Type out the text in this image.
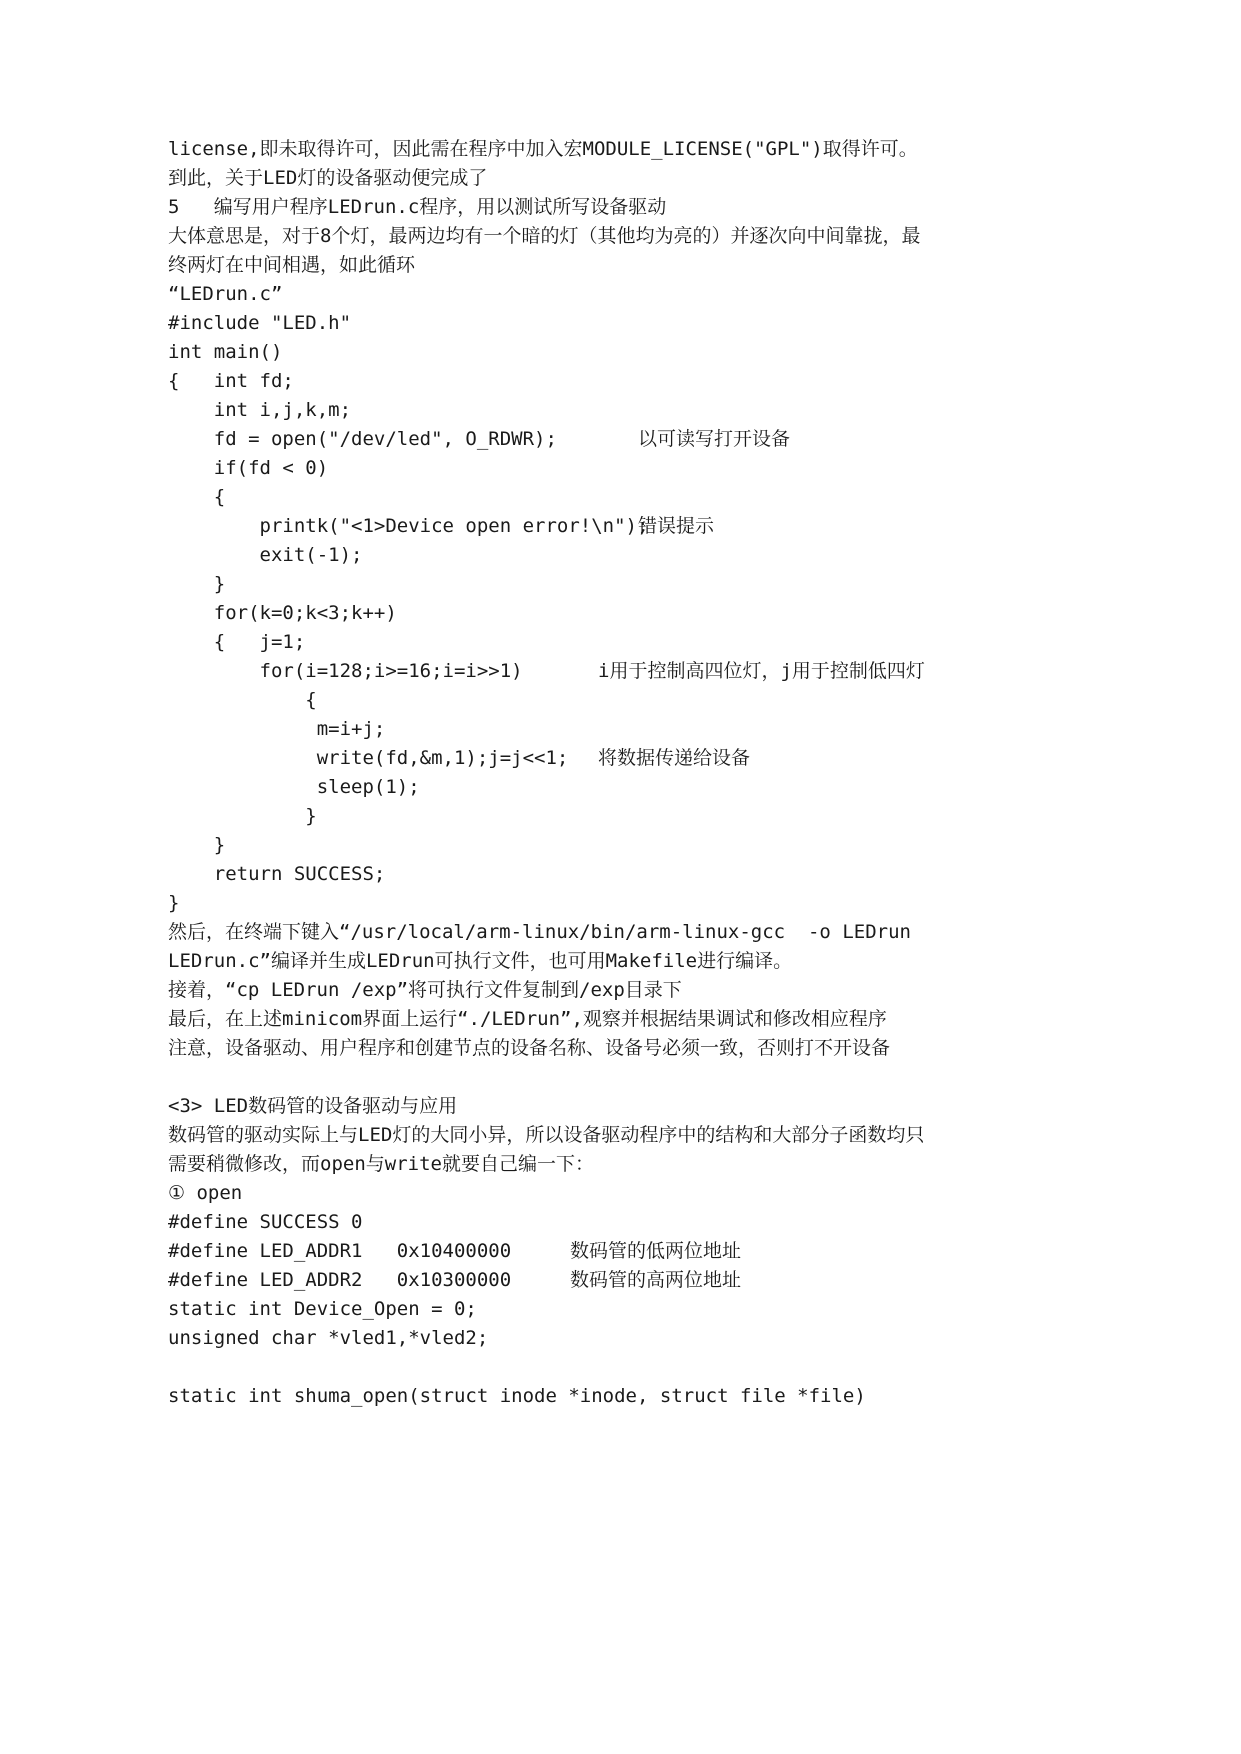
license,即未取得许可，因此需在程序中加入宏MODULE_LICENSE("GPL")取得许可。
到此，关于LED灯的设备驱动便完成了
5   编写用户程序LEDrun.c程序，用以测试所写设备驱动
大体意思是，对于8个灯，最两边均有一个暗的灯（其他均为亮的）并逐次向中间靠拢，最
终两灯在中间相遇，如此循环
“LEDrun.c”
#include "LED.h"
int main()
{   int fd;
int i,j,k,m;
fd = open("/dev/led", O_RDWR);	以可读写打开设备
if(fd < 0)
{
printk("<1>Device open error!\n");
错误提示
exit(-1);
}
for(k=0;k<3;k++)
{   j=1;
for(i=128;i>=16;i=i>>1)	i用于控制高四位灯，j用于控制低四灯
{
m=i+j;
write(fd,&m,1);j=j<<1; 将数据传递给设备
sleep(1);
}
}
return SUCCESS;
}
然后，在终端下键入“/usr/local/arm-linux/bin/arm-linux-gcc  -o LEDrun
LEDrun.c”编译并生成LEDrun可执行文件，也可用Makefile进行编译。
接着，“cp LEDrun /exp”将可执行文件复制到/exp目录下
最后，在上述minicom界面上运行“./LEDrun”,观察并根据结果调试和修改相应程序
注意，设备驱动、用户程序和创建节点的设备名称、设备号必须一致，否则打不开设备
<3> LED数码管的设备驱动与应用
数码管的驱动实际上与LED灯的大同小异，所以设备驱动程序中的结构和大部分子函数均只
需要稍微修改，而open与write就要自己编一下：
① open
#define SUCCESS 0
#define LED_ADDR1   0x10400000	数码管的低两位地址
#define LED_ADDR2   0x10300000	数码管的高两位地址
static int Device_Open = 0;
unsigned char *vled1,*vled2;
static int shuma_open(struct inode *inode, struct file *file)
